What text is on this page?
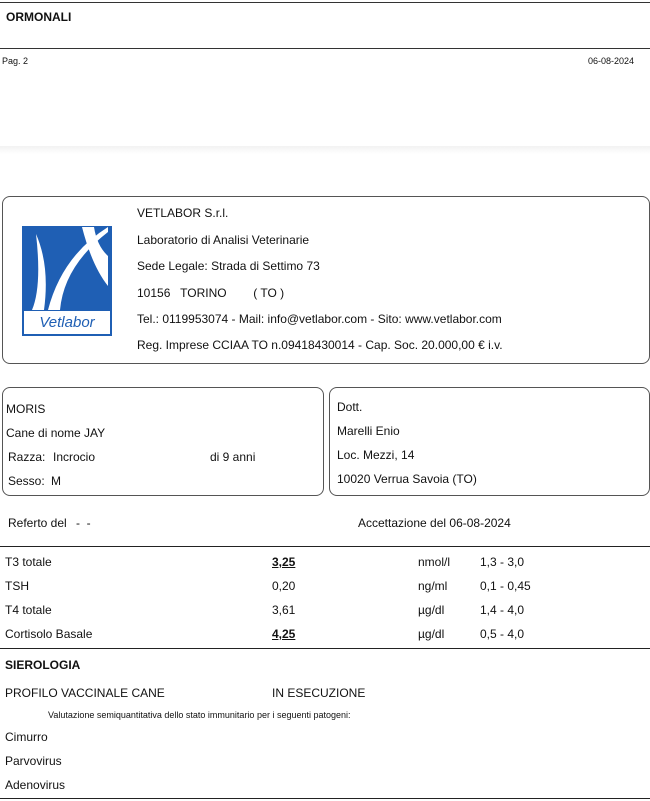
ORMONALI
Pag. 2	06-08-2024
Vetlabor
VETLABOR S.r.l.
Laboratorio di Analisi Veterinarie
Sede Legale: Strada di Settimo 73
10156   TORINO        ( TO )
Tel.: 0119953074 - Mail: info@vetlabor.com - Sito: www.vetlabor.com
Reg. Imprese CCIAA TO n.09418430014 - Cap. Soc. 20.000,00 € i.v.
MORIS
Cane di nome JAY
Razza: Incrocio	di 9 anni
Sesso: M
Dott.
Marelli Enio
Loc. Mezzi, 14
10020 Verrua Savoia (TO)
Referto del -  -	Accettazione del 06-08-2024
T3 totale	3,25	nmol/l 1,3 - 3,0
TSH	0,20	ng/ml	0,1 - 0,45
T4 totale	3,61	µg/dl	1,4 - 4,0
Cortisolo Basale	4,25	µg/dl	0,5 - 4,0
SIEROLOGIA
PROFILO VACCINALE CANE	IN ESECUZIONE
Valutazione semiquantitativa dello stato immunitario per i seguenti patogeni:
Cimurro
Parvovirus
Adenovirus
